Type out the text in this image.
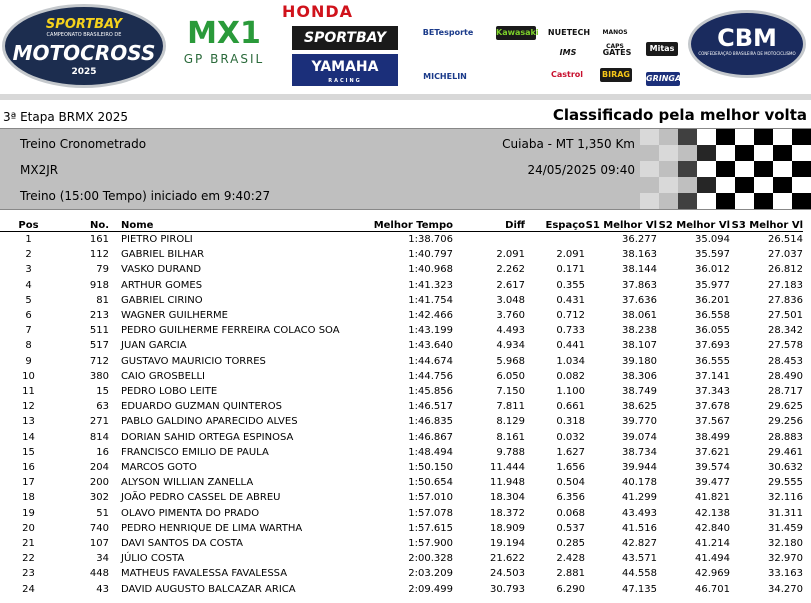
SPORTBAY
CAMPEONATO BRASILEIRO DE
MOTOCROSS
2025
MX1
GP BRASIL
HONDA
SPORTBAY
YAMAHA
RACING
BETesporte	Kawasaki	NUETECH	MANOS CAPS
MICHELIN
IMS	GATES	Mitas
Castrol	BIRAG GRINGA
CBM
CONFEDERAÇÃO BRASILEIRA DE MOTOCICLISMO
3ª Etapa BRMX 2025	Classificado pela melhor volta
Treino Cronometrado
MX2JR
Treino (15:00 Tempo) iniciado em 9:40:27
Cuiaba - MT 1,350 Km
24/05/2025 09:40
Pos	No.	Nome	Melhor Tempo	Diff	Espaço	S1 Melhor Vl	S2 Melhor Vl	S3 Melhor Vl
1	161	PIETRO PIROLI	1:38.706			36.277	35.094	26.514
2	112	GABRIEL BILHAR	1:40.797	2.091	2.091	38.163	35.597	27.037
3	79	VASKO DURAND	1:40.968	2.262	0.171	38.144	36.012	26.812
4	918	ARTHUR GOMES	1:41.323	2.617	0.355	37.863	35.977	27.183
5	81	GABRIEL CIRINO	1:41.754	3.048	0.431	37.636	36.201	27.836
6	213	WAGNER GUILHERME	1:42.466	3.760	0.712	38.061	36.558	27.501
7	511	PEDRO GUILHERME FERREIRA COLACO SOA	1:43.199	4.493	0.733	38.238	36.055	28.342
8	517	JUAN GARCIA	1:43.640	4.934	0.441	38.107	37.693	27.578
9	712	GUSTAVO MAURICIO TORRES	1:44.674	5.968	1.034	39.180	36.555	28.453
10	380	CAIO GROSBELLI	1:44.756	6.050	0.082	38.306	37.141	28.490
11	15	PEDRO LOBO LEITE	1:45.856	7.150	1.100	38.749	37.343	28.717
12	63	EDUARDO GUZMAN QUINTEROS	1:46.517	7.811	0.661	38.625	37.678	29.625
13	271	PABLO GALDINO APARECIDO ALVES	1:46.835	8.129	0.318	39.770	37.567	29.256
14	814	DORIAN SAHID ORTEGA ESPINOSA	1:46.867	8.161	0.032	39.074	38.499	28.883
15	16	FRANCISCO EMILIO DE PAULA	1:48.494	9.788	1.627	38.734	37.621	29.461
16	204	MARCOS GOTO	1:50.150	11.444	1.656	39.944	39.574	30.632
17	200	ALYSON WILLIAN ZANELLA	1:50.654	11.948	0.504	40.178	39.477	29.555
18	302	JOÃO PEDRO CASSEL DE ABREU	1:57.010	18.304	6.356	41.299	41.821	32.116
19	51	OLAVO PIMENTA DO PRADO	1:57.078	18.372	0.068	43.493	42.138	31.311
20	740	PEDRO HENRIQUE DE LIMA WARTHA	1:57.615	18.909	0.537	41.516	42.840	31.459
21	107	DAVI SANTOS DA COSTA	1:57.900	19.194	0.285	42.827	41.214	32.180
22	34	JÚLIO COSTA	2:00.328	21.622	2.428	43.571	41.494	32.970
23	448	MATHEUS FAVALESSA FAVALESSA	2:03.209	24.503	2.881	44.558	42.969	33.163
24	43	DAVID AUGUSTO BALCAZAR ARICA	2:09.499	30.793	6.290	47.135	46.701	34.270
